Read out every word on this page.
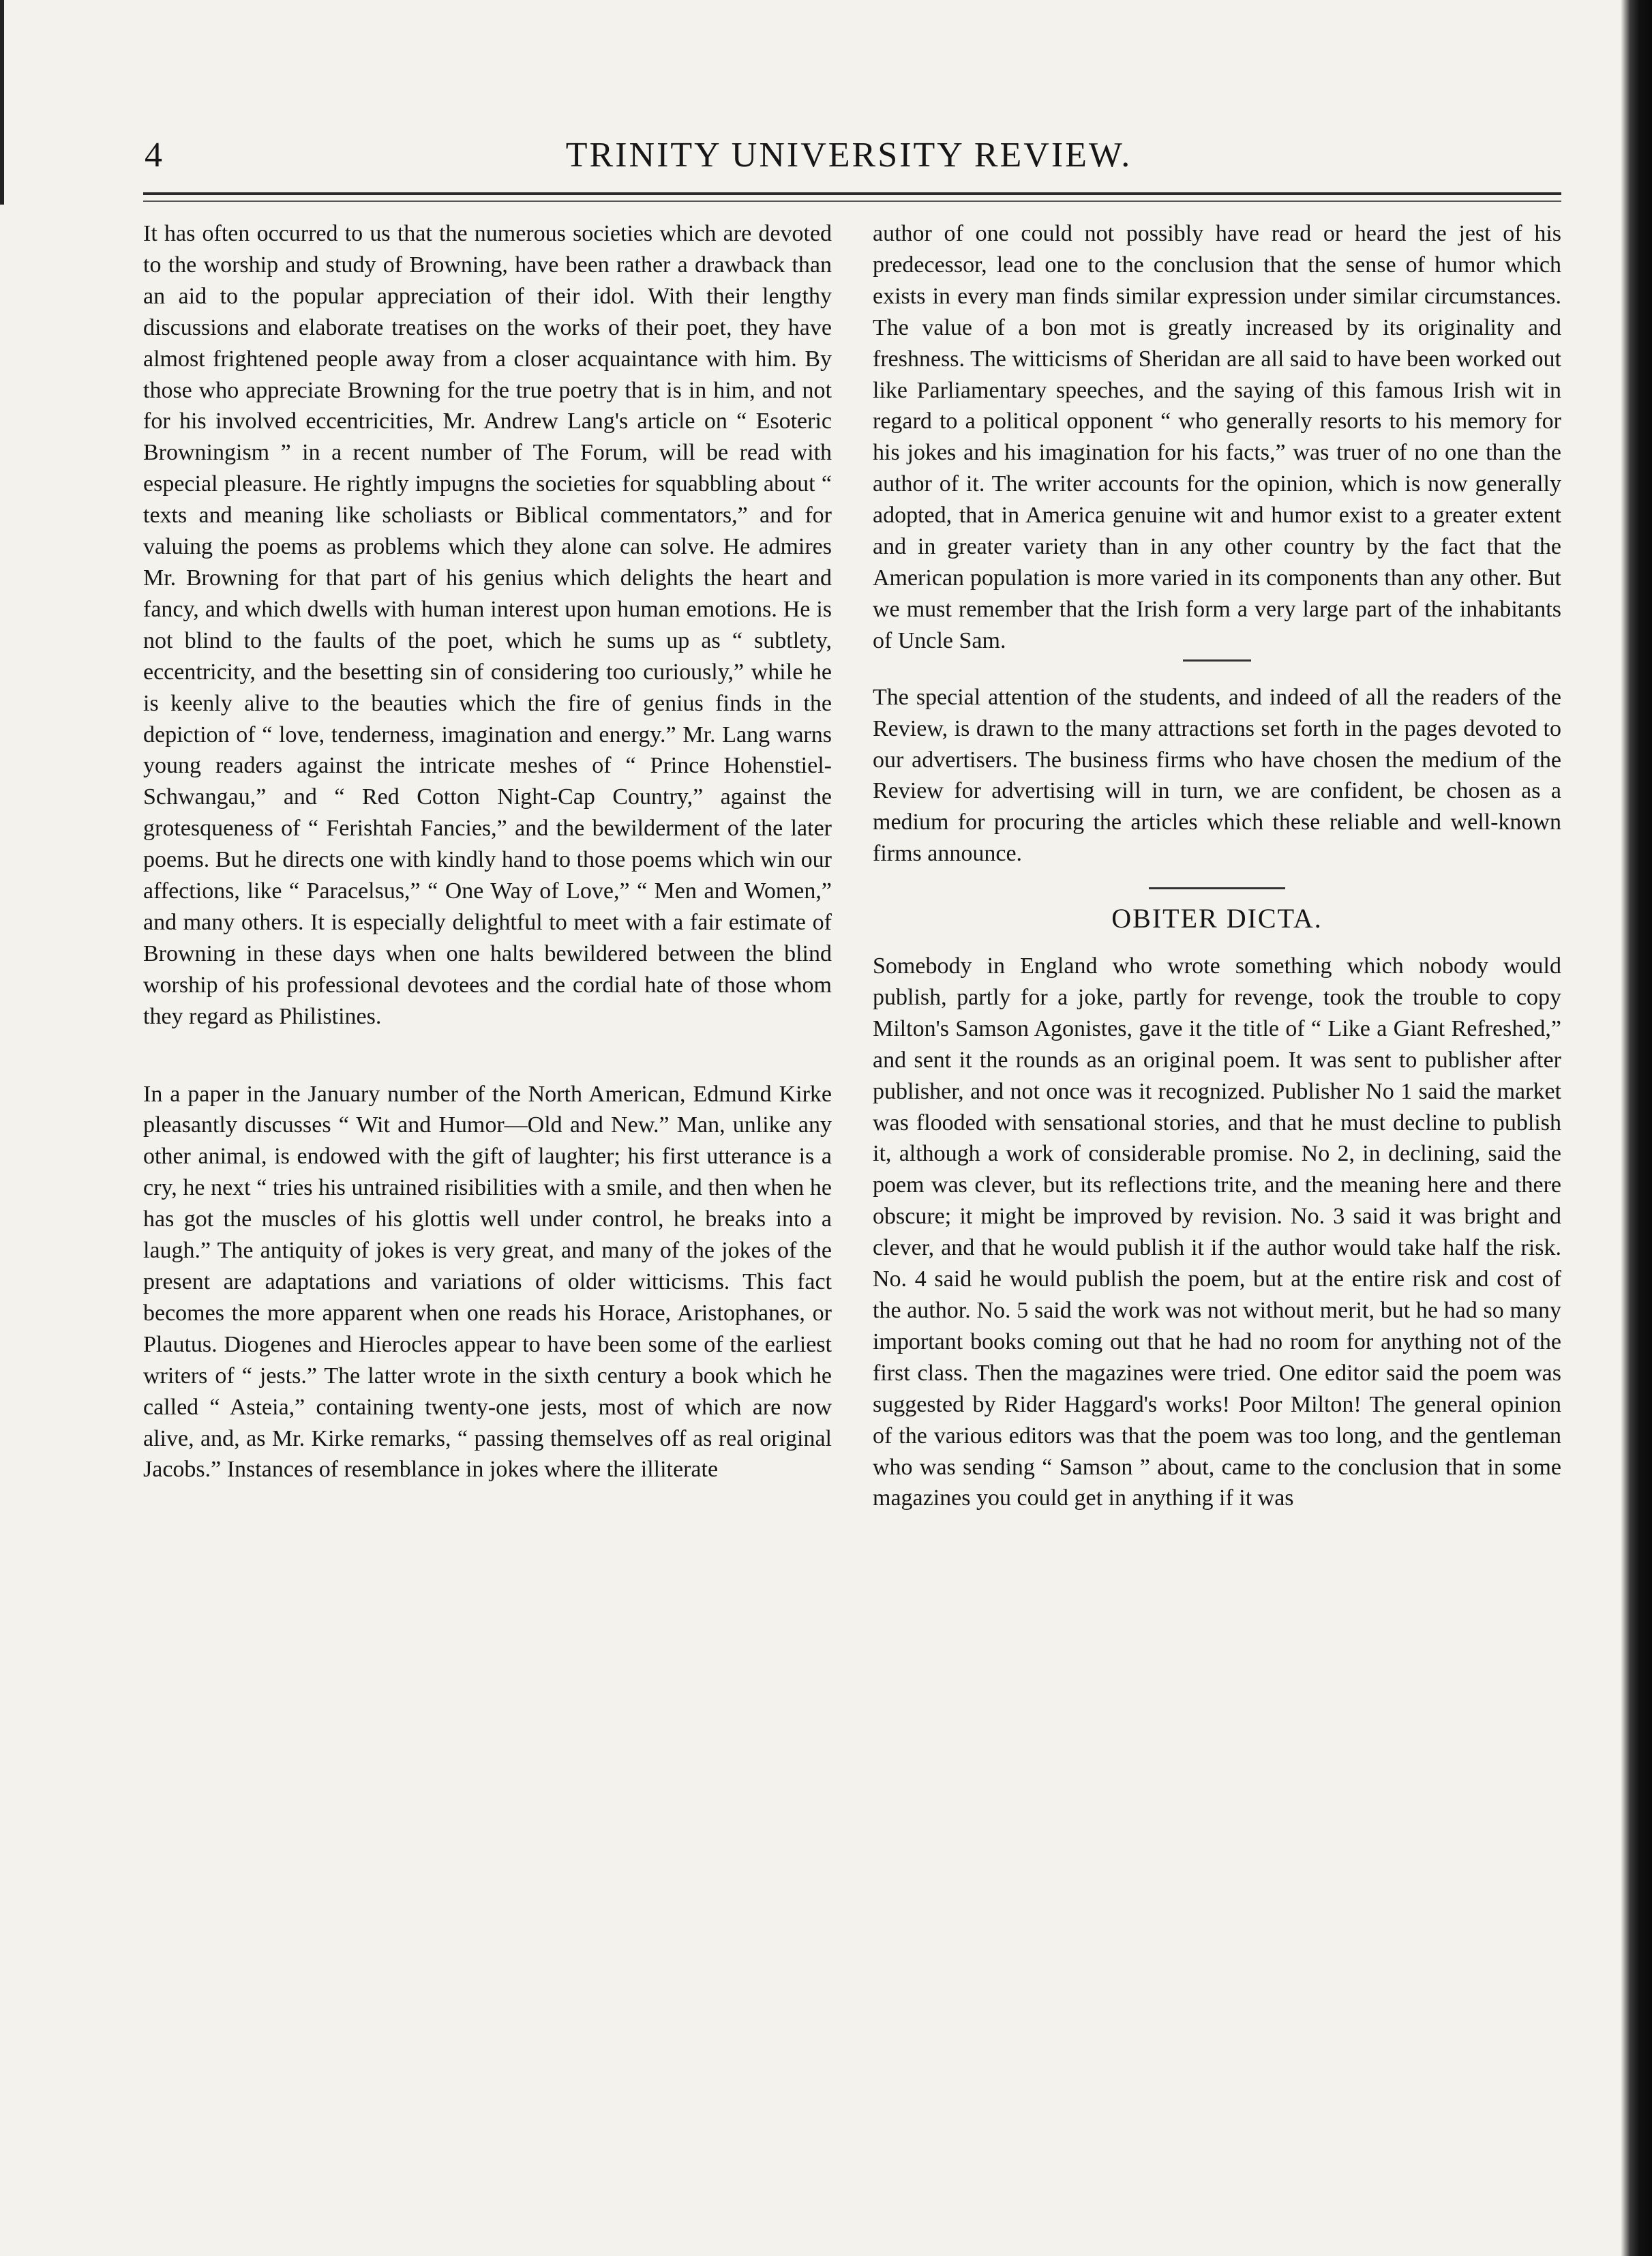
4	TRINITY UNIVERSITY REVIEW.

It has often occurred to us that the numerous societies which are devoted to the worship and study of Browning, have been rather a drawback than an aid to the popular appreciation of their idol. With their lengthy discussions and elaborate treatises on the works of their poet, they have almost frightened people away from a closer acquaintance with him. By those who appreciate Browning for the true poetry that is in him, and not for his involved eccentricities, Mr. Andrew Lang's article on “ Esoteric Browningism ” in a recent number of The Forum, will be read with especial pleasure. He rightly impugns the societies for squabbling about “ texts and meaning like scholiasts or Biblical commentators,” and for valuing the poems as problems which they alone can solve. He admires Mr. Browning for that part of his genius which delights the heart and fancy, and which dwells with human interest upon human emotions. He is not blind to the faults of the poet, which he sums up as “ subtlety, eccentricity, and the besetting sin of considering too curiously,” while he is keenly alive to the beauties which the fire of genius finds in the depiction of “ love, tenderness, imagination and energy.” Mr. Lang warns young readers against the intricate meshes of “ Prince Hohenstiel-Schwangau,” and “ Red Cotton Night-Cap Country,” against the grotesqueness of “ Ferishtah Fancies,” and the bewilderment of the later poems. But he directs one with kindly hand to those poems which win our affections, like “ Paracelsus,” “ One Way of Love,” “ Men and Women,” and many others. It is especially delightful to meet with a fair estimate of Browning in these days when one halts bewildered between the blind worship of his professional devotees and the cordial hate of those whom they regard as Philistines.

In a paper in the January number of the North American, Edmund Kirke pleasantly discusses “ Wit and Humor—Old and New.” Man, unlike any other animal, is endowed with the gift of laughter; his first utterance is a cry, he next “ tries his untrained risibilities with a smile, and then when he has got the muscles of his glottis well under control, he breaks into a laugh.” The antiquity of jokes is very great, and many of the jokes of the present are adaptations and variations of older witticisms. This fact becomes the more apparent when one reads his Horace, Aristophanes, or Plautus. Diogenes and Hierocles appear to have been some of the earliest writers of “ jests.” The latter wrote in the sixth century a book which he called “ Asteia,” containing twenty-one jests, most of which are now alive, and, as Mr. Kirke remarks, “ passing themselves off as real original Jacobs.” Instances of resemblance in jokes where the illiterate

author of one could not possibly have read or heard the jest of his predecessor, lead one to the conclusion that the sense of humor which exists in every man finds similar expression under similar circumstances. The value of a bon mot is greatly increased by its originality and freshness. The witticisms of Sheridan are all said to have been worked out like Parliamentary speeches, and the saying of this famous Irish wit in regard to a political opponent “ who generally resorts to his memory for his jokes and his imagination for his facts,” was truer of no one than the author of it. The writer accounts for the opinion, which is now generally adopted, that in America genuine wit and humor exist to a greater extent and in greater variety than in any other country by the fact that the American population is more varied in its components than any other. But we must remember that the Irish form a very large part of the inhabitants of Uncle Sam.

The special attention of the students, and indeed of all the readers of the Review, is drawn to the many attractions set forth in the pages devoted to our advertisers. The business firms who have chosen the medium of the Review for advertising will in turn, we are confident, be chosen as a medium for procuring the articles which these reliable and well-known firms announce.

OBITER DICTA.

Somebody in England who wrote something which nobody would publish, partly for a joke, partly for revenge, took the trouble to copy Milton's Samson Agonistes, gave it the title of “ Like a Giant Refreshed,” and sent it the rounds as an original poem. It was sent to publisher after publisher, and not once was it recognized. Publisher No 1 said the market was flooded with sensational stories, and that he must decline to publish it, although a work of considerable promise. No 2, in declining, said the poem was clever, but its reflections trite, and the meaning here and there obscure; it might be improved by revision. No. 3 said it was bright and clever, and that he would publish it if the author would take half the risk. No. 4 said he would publish the poem, but at the entire risk and cost of the author. No. 5 said the work was not without merit, but he had so many important books coming out that he had no room for anything not of the first class. Then the magazines were tried. One editor said the poem was suggested by Rider Haggard's works! Poor Milton! The general opinion of the various editors was that the poem was too long, and the gentleman who was sending “ Samson ” about, came to the conclusion that in some magazines you could get in anything if it was
